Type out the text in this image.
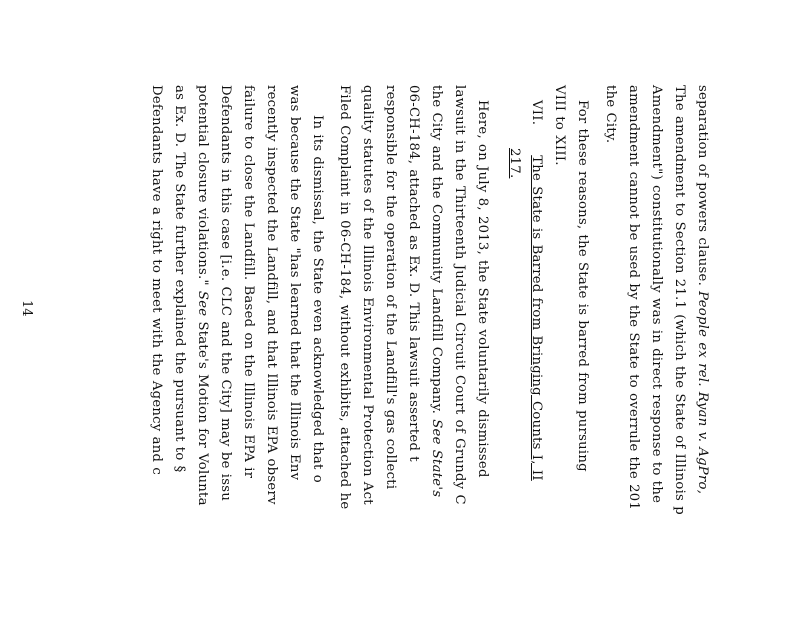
separation of powers clause. People ex rel. Ryan v. AgPro,
The amendment to Section 21.1 (which the State of Illinois p
Amendment") constitutionally was in direct response to the
amendment cannot be used by the State to overrule the 201
the City.
For these reasons, the State is barred from pursuing
VIII to XIII.
VII.The State is Barred from Bringing Counts I, II
217.
Here, on July 8, 2013, the State voluntarily dismissed
lawsuit in the Thirteenth Judicial Circuit Court of Grundy C
the City and the Community Landfill Company. See State's
06-CH-184, attached as Ex. D. This lawsuit asserted t
responsible for the operation of the Landfill's gas collecti
quality statutes of the Illinois Environmental Protection Act
Filed Complaint in 06-CH-184, without exhibits, attached he
In its dismissal, the State even acknowledged that o
was because the State "has learned that the Illinois Env
recently inspected the Landfill, and that Illinois EPA observ
failure to close the Landfill. Based on the Illinois EPA ir
Defendants in this case [i.e. CLC and the City] may be issu
potential closure violations." See State's Motion for Volunta
as Ex. D. The State further explained the pursuant to §
Defendants have a right to meet with the Agency and c
14
